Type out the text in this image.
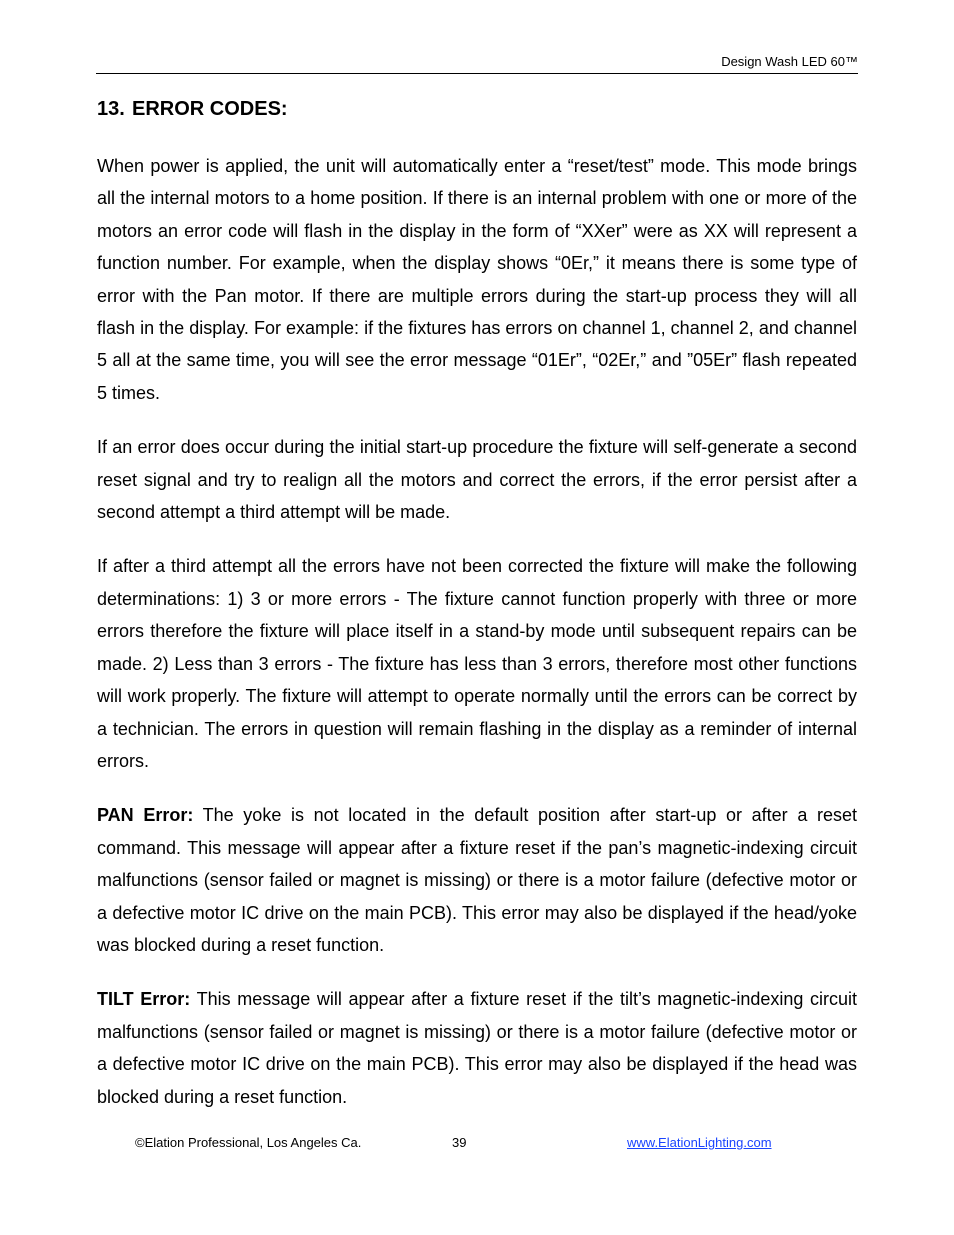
Design Wash LED 60™
13. ERROR CODES:

When power is applied, the unit will automatically enter a “reset/test” mode. This mode brings all the internal motors to a home position. If there is an internal problem with one or more of the motors an error code will flash in the display in the form of “XXer” were as XX will represent a function number. For example, when the display shows “0Er,” it means there is some type of error with the Pan motor. If there are multiple errors during the start-up process they will all flash in the display. For example: if the fixtures has errors on channel 1, channel 2, and channel 5 all at the same time, you will see the error message “01Er”, “02Er,” and ”05Er” flash repeated 5 times.

If an error does occur during the initial start-up procedure the fixture will self-generate a second reset signal and try to realign all the motors and correct the errors, if the error persist after a second attempt a third attempt will be made.

If after a third attempt all the errors have not been corrected the fixture will make the following determinations: 1) 3 or more errors - The fixture cannot function properly with three or more errors therefore the fixture will place itself in a stand-by mode until subsequent repairs can be made. 2) Less than 3 errors - The fixture has less than 3 errors, therefore most other functions will work properly. The fixture will attempt to operate normally until the errors can be correct by a technician. The errors in question will remain flashing in the display as a reminder of internal errors.

PAN Error: The yoke is not located in the default position after start-up or after a reset command. This message will appear after a fixture reset if the pan’s magnetic-indexing circuit malfunctions (sensor failed or magnet is missing) or there is a motor failure (defective motor or a defective motor IC drive on the main PCB). This error may also be displayed if the head/yoke was blocked during a reset function.

TILT Error: This message will appear after a fixture reset if the tilt’s magnetic-indexing circuit malfunctions (sensor failed or magnet is missing) or there is a motor failure (defective motor or a defective motor IC drive on the main PCB). This error may also be displayed if the head was blocked during a reset function.

©Elation Professional, Los Angeles Ca.	39	www.ElationLighting.com
